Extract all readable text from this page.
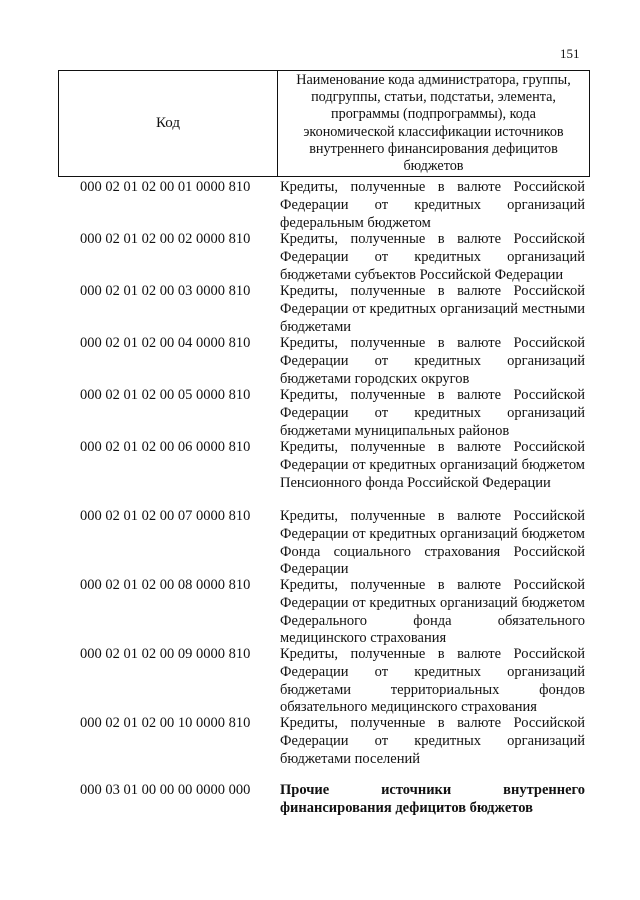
151
Код
Наименование кода администратора, группы,
подгруппы, статьи, подстатьи, элемента,
программы (подпрограммы), кода
экономической классификации источников
внутреннего финансирования дефицитов
бюджетов
000 02 01 02 00 01 0000 810 Кредиты, полученные в валюте Российской Федерации от кредитных организаций федеральным бюджетом
000 02 01 02 00 02 0000 810 Кредиты, полученные в валюте Российской Федерации от кредитных организаций бюджетами субъектов Российской Федерации
000 02 01 02 00 03 0000 810 Кредиты, полученные в валюте Российской Федерации от кредитных организаций местными бюджетами
000 02 01 02 00 04 0000 810 Кредиты, полученные в валюте Российской Федерации от кредитных организаций бюджетами городских округов
000 02 01 02 00 05 0000 810 Кредиты, полученные в валюте Российской Федерации от кредитных организаций бюджетами муниципальных районов
000 02 01 02 00 06 0000 810 Кредиты, полученные в валюте Российской Федерации от кредитных организаций бюджетом Пенсионного фонда Российской Федерации
000 02 01 02 00 07 0000 810 Кредиты, полученные в валюте Российской Федерации от кредитных организаций бюджетом Фонда социального страхования Российской Федерации
000 02 01 02 00 08 0000 810 Кредиты, полученные в валюте Российской Федерации от кредитных организаций бюджетом Федерального фонда обязательного медицинского страхования
000 02 01 02 00 09 0000 810 Кредиты, полученные в валюте Российской Федерации от кредитных организаций бюджетами территориальных фондов обязательного медицинского страхования
000 02 01 02 00 10 0000 810 Кредиты, полученные в валюте Российской Федерации от кредитных организаций бюджетами поселений
000 03 01 00 00 00 0000 000 Прочие источники внутреннего финансирования дефицитов бюджетов
